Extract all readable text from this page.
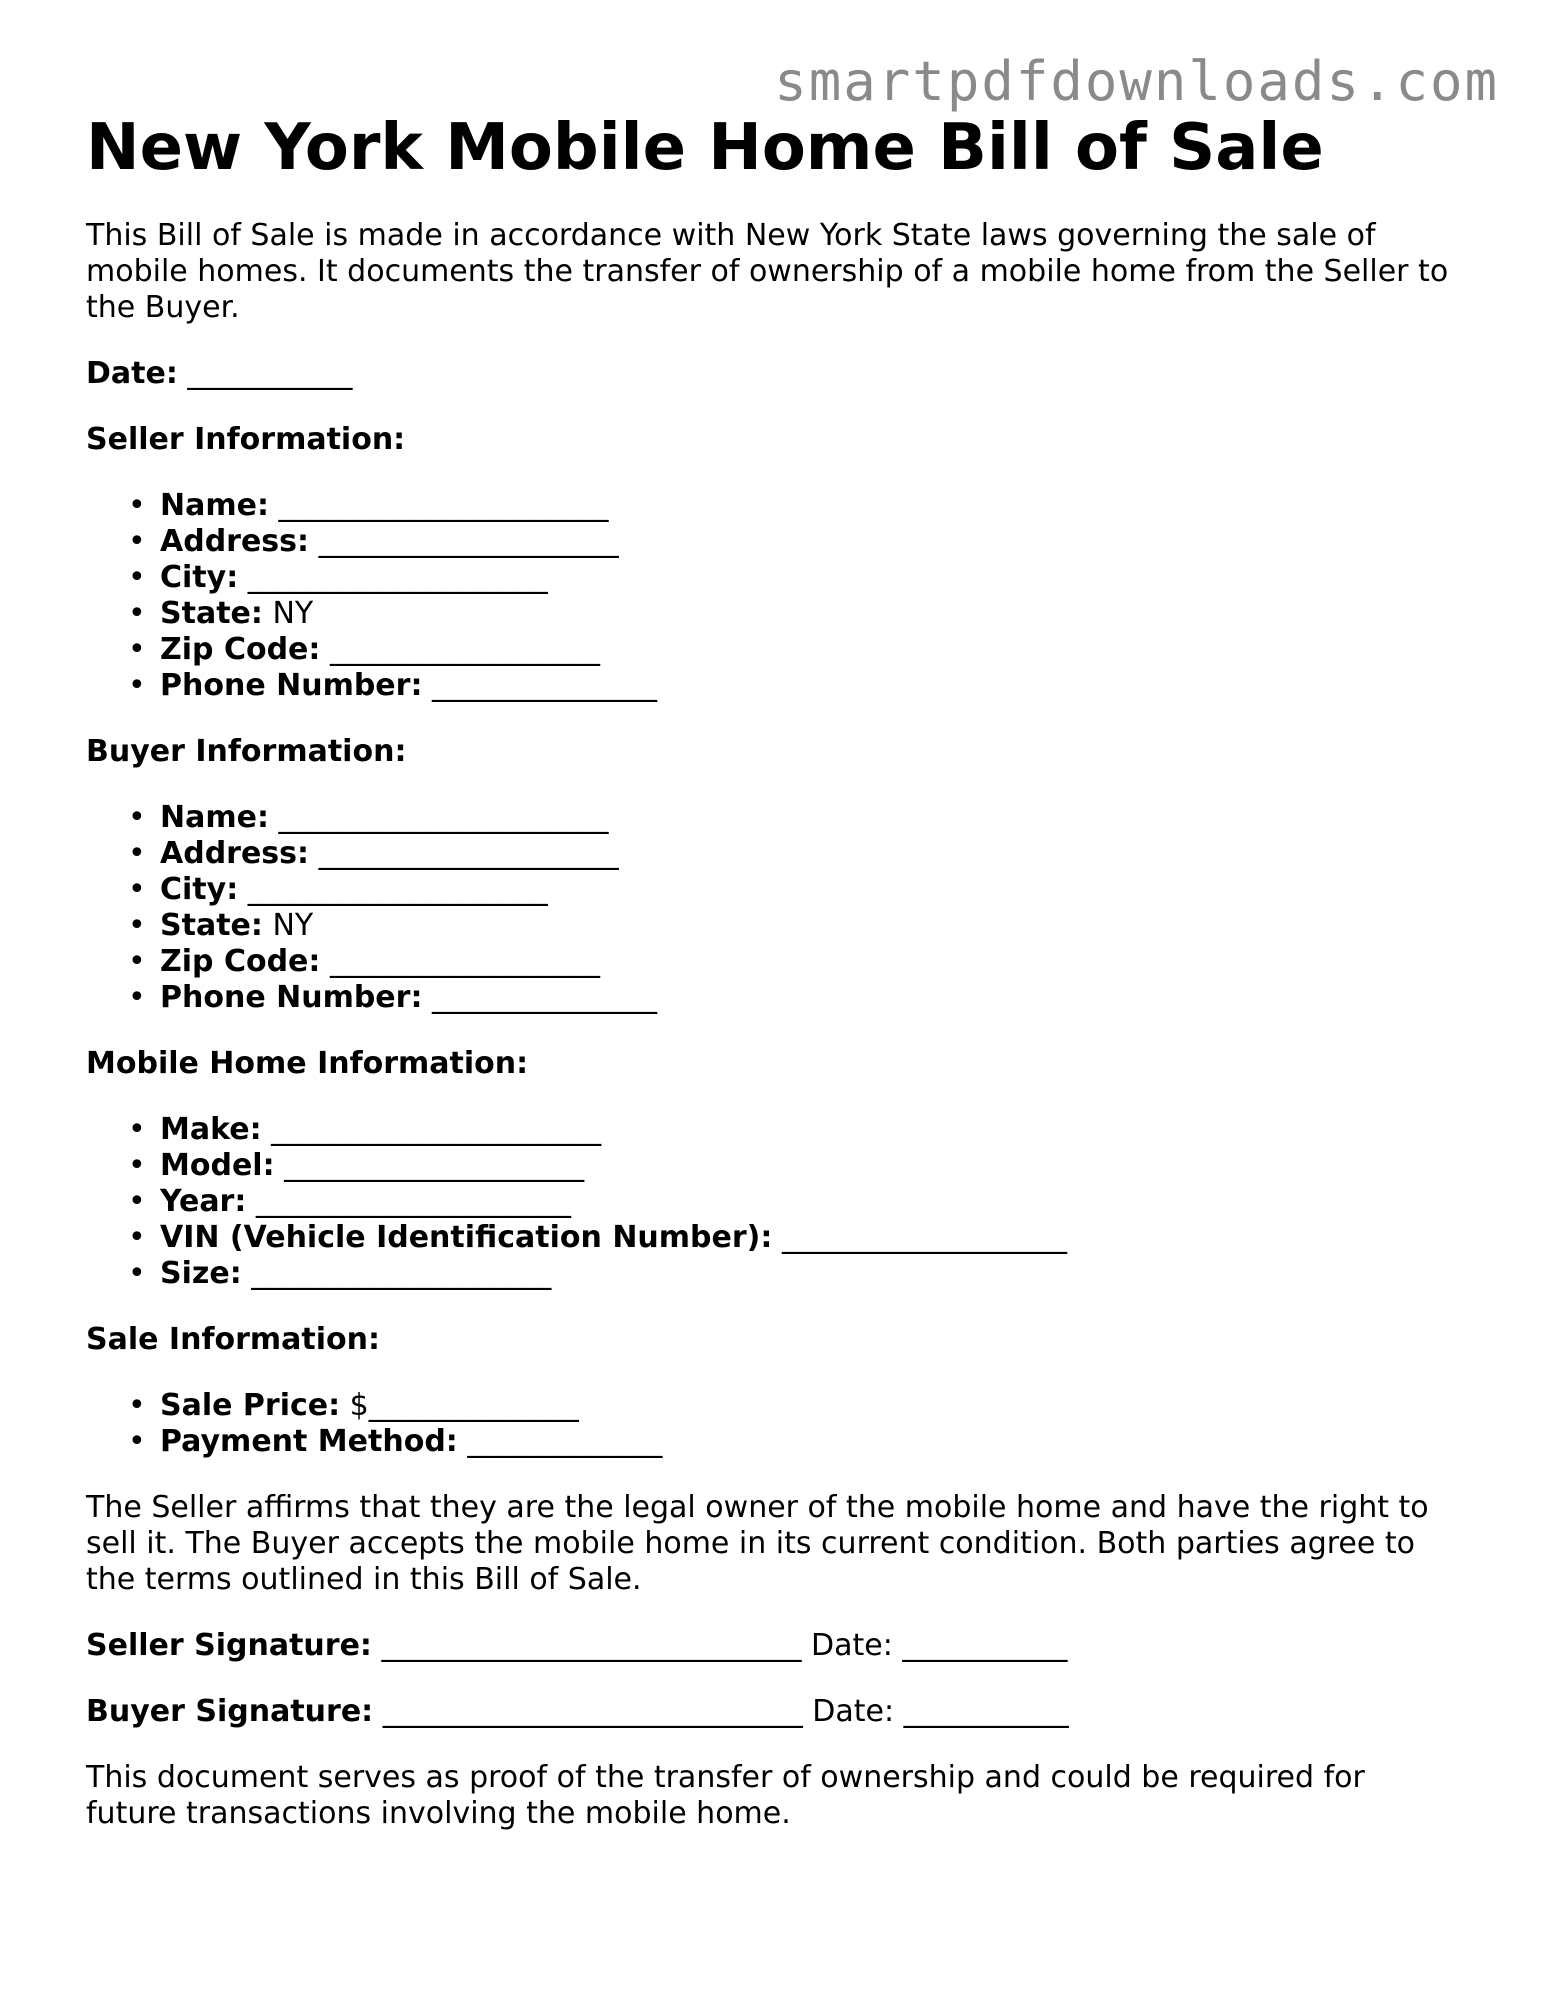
smartpdfdownloads.com
New York Mobile Home Bill of Sale

This Bill of Sale is made in accordance with New York State laws governing the sale of mobile homes. It documents the transfer of ownership of a mobile home from the Seller to the Buyer.

Date: ___________

Seller Information:

• Name: ______________________
• Address: ____________________
• City: ____________________
• State: NY
• Zip Code: __________________
• Phone Number: _______________

Buyer Information:

• Name: ______________________
• Address: ____________________
• City: ____________________
• State: NY
• Zip Code: __________________
• Phone Number: _______________

Mobile Home Information:

• Make: ______________________
• Model: ____________________
• Year: _____________________
• VIN (Vehicle Identification Number): ___________________
• Size: ____________________

Sale Information:

• Sale Price: $______________
• Payment Method: _____________

The Seller affirms that they are the legal owner of the mobile home and have the right to sell it. The Buyer accepts the mobile home in its current condition. Both parties agree to the terms outlined in this Bill of Sale.

Seller Signature: ____________________________ Date: ___________

Buyer Signature: ____________________________ Date: ___________

This document serves as proof of the transfer of ownership and could be required for future transactions involving the mobile home.
